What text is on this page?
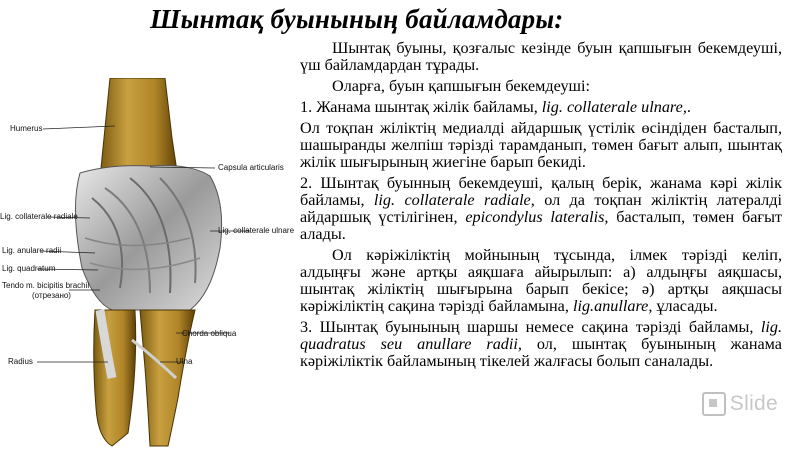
Шынтақ буынының байламдары:
Humerus
Capsula articularis
Lig. collaterale radiale
Lig. collaterale ulnare
Lig. anulare radii
Lig. quadratum
Tendo m. bicipitis brachii
(отрезано)
Chorda obliqua
Radius	Ulna

Шынтақ буыны, қозғалыс кезінде буын қапшығын бекемдеуші, үш байламдардан тұрады.

Оларға, буын қапшығын бекемдеуші:

1. Жанама шынтақ жілік байламы, lig. collaterale ulnare,.

Ол тоқпан жіліктің медиалді айдаршық үстілік өсіндіден басталып, шашыранды желпіш тәрізді тарамданып, төмен бағыт алып, шынтақ жілік шығырының жиегіне барып бекиді.

2. Шынтақ буынның бекемдеуші, қалың берік, жанама кәрі жілік байламы, lig. collaterale radiale, ол да тоқпан жіліктің латералді айдаршық үстілігінен, epicondylus lateralis, басталып, төмен бағыт алады.

Ол кәріжіліктің мойнының тұсында, ілмек тәрізді келіп, алдыңғы және артқы аяқшаға айырылып: а) алдыңғы аяқшасы, шынтақ жіліктің шығырына барып бекісе; ә) артқы аяқшасы кәріжіліктің сақина тәрізді байламына, lig.anullare, ұласады.

3. Шынтақ буынының шаршы немесе сақина тәрізді байламы, lig. quadratus seu anullare radii, ол, шынтақ буынының жанама кәріжіліктік байламының тікелей жалғасы болып саналады.

Slide
